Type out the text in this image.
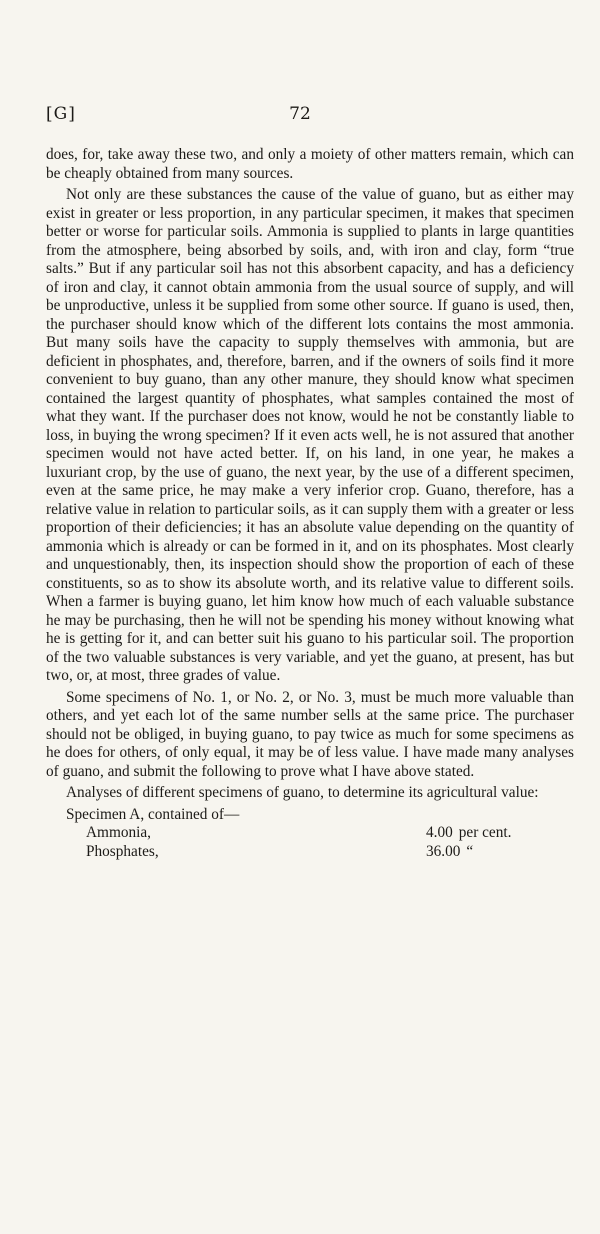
[G]	72

does, for, take away these two, and only a moiety of other matters remain, which can be cheaply obtained from many sources.

Not only are these substances the cause of the value of guano, but as either may exist in greater or less proportion, in any particular specimen, it makes that specimen better or worse for particular soils. Ammonia is supplied to plants in large quantities from the atmosphere, being absorbed by soils, and, with iron and clay, form “true salts.” But if any particular soil has not this absorbent capacity, and has a deficiency of iron and clay, it cannot obtain ammonia from the usual source of supply, and will be unproductive, unless it be supplied from some other source. If guano is used, then, the purchaser should know which of the different lots contains the most ammonia. But many soils have the capacity to supply themselves with ammonia, but are deficient in phosphates, and, therefore, barren, and if the owners of soils find it more convenient to buy guano, than any other manure, they should know what specimen contained the largest quantity of phosphates, what samples contained the most of what they want. If the purchaser does not know, would he not be constantly liable to loss, in buying the wrong specimen? If it even acts well, he is not assured that another specimen would not have acted better. If, on his land, in one year, he makes a luxuriant crop, by the use of guano, the next year, by the use of a different specimen, even at the same price, he may make a very inferior crop. Guano, therefore, has a relative value in relation to particular soils, as it can supply them with a greater or less proportion of their deficiencies; it has an absolute value depending on the quantity of ammonia which is already or can be formed in it, and on its phosphates. Most clearly and unquestionably, then, its inspection should show the proportion of each of these constituents, so as to show its absolute worth, and its relative value to different soils. When a farmer is buying guano, let him know how much of each valuable substance he may be purchasing, then he will not be spending his money without knowing what he is getting for it, and can better suit his guano to his particular soil. The proportion of the two valuable substances is very variable, and yet the guano, at present, has but two, or, at most, three grades of value.

Some specimens of No. 1, or No. 2, or No. 3, must be much more valuable than others, and yet each lot of the same number sells at the same price. The purchaser should not be obliged, in buying guano, to pay twice as much for some specimens as he does for others, of only equal, it may be of less value. I have made many analyses of guano, and submit the following to prove what I have above stated.

Analyses of different specimens of guano, to determine its agricultural value:

Specimen A, contained of—
Ammonia,	4.00 per cent.
Phosphates,	36.00 “
